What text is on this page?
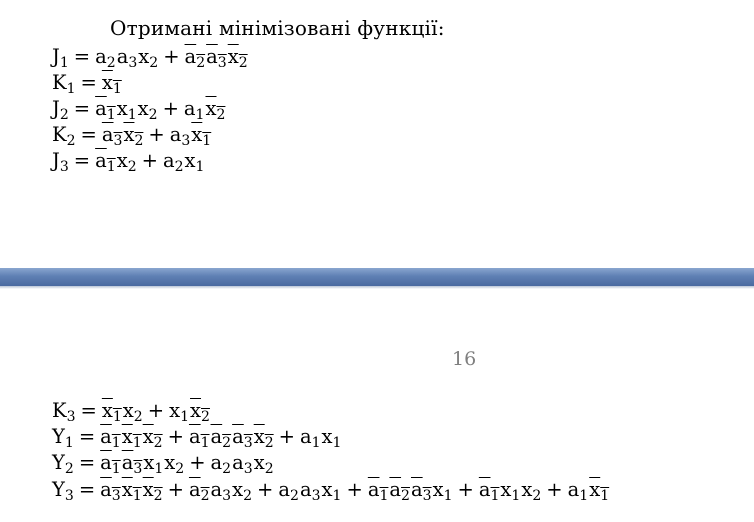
Отримані мінімізовані функції:
16
$J_1 = a_2a_3x_2 + a_2a_3x_2$
$K_1 = x_1$
$J_2 = a_1x_1x_2 + a_1x_2$
$K_2 = a_3x_2 + a_3x_1$
$J_3 = a_1x_2 + a_2x_1$
$K_3 = x_1x_2 + x_1x_2$
$Y_1 = a_1x_1x_2 + a_1a_2a_3x_2 + a_1x_1$
$Y_2 = a_1a_3x_1x_2 + a_2a_3x_2$
$Y_3 = a_3x_1x_2 + a_2a_3x_2 + a_2a_3x_1 + a_1a_2a_3x_1 + a_1x_1x_2 + a_1x_1$
